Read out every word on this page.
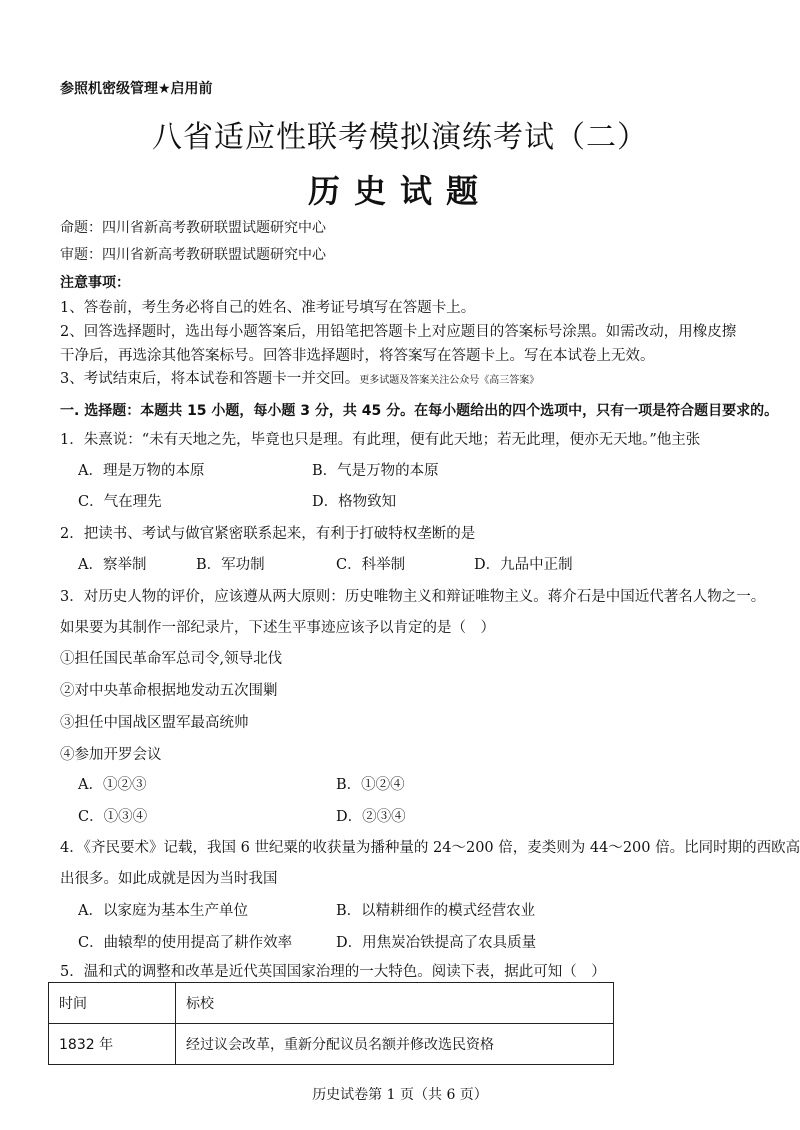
参照机密级管理★启用前
八省适应性联考模拟演练考试（二）
历史试题
命题：四川省新高考教研联盟试题研究中心
审题：四川省新高考教研联盟试题研究中心
注意事项：
1、答卷前，考生务必将自己的姓名、准考证号填写在答题卡上。
2、回答选择题时，选出每小题答案后，用铅笔把答题卡上对应题目的答案标号涂黑。如需改动，用橡皮擦
干净后，再选涂其他答案标号。回答非选择题时，将答案写在答题卡上。写在本试卷上无效。
3、考试结束后，将本试卷和答题卡一并交回。更多试题及答案关注公众号《高三答案》
一. 选择题：本题共 15 小题，每小题 3 分，共 45 分。在每小题给出的四个选项中，只有一项是符合题目要求的。
1．朱熹说：“未有天地之先，毕竟也只是理。有此理，便有此天地；若无此理，便亦无天地。”他主张
A．理是万物的本原	B．气是万物的本原
C．气在理先	D．格物致知
2．把读书、考试与做官紧密联系起来，有利于打破特权垄断的是
A．察举制	B．军功制	C．科举制	D．九品中正制
3．对历史人物的评价，应该遵从两大原则：历史唯物主义和辩证唯物主义。蒋介石是中国近代著名人物之一。
如果要为其制作一部纪录片，下述生平事迹应该予以肯定的是（　）
①担任国民革命军总司令,领导北伐
②对中央革命根据地发动五次围剿
③担任中国战区盟军最高统帅
④参加开罗会议
A．①②③	B．①②④
C．①③④	D．②③④
4．《齐民要术》记载，我国 6 世纪粟的收获量为播种量的 24～200 倍，麦类则为 44～200 倍。比同时期的西欧高
出很多。如此成就是因为当时我国
A．以家庭为基本生产单位	B．以精耕细作的模式经营农业
C．曲辕犁的使用提高了耕作效率	D．用焦炭冶铁提高了农具质量
5．温和式的调整和改革是近代英国国家治理的一大特色。阅读下表，据此可知（　）
时间	标校
1832 年	经过议会改革，重新分配议员名额并修改选民资格
历史试卷第 1 页（共 6 页）
